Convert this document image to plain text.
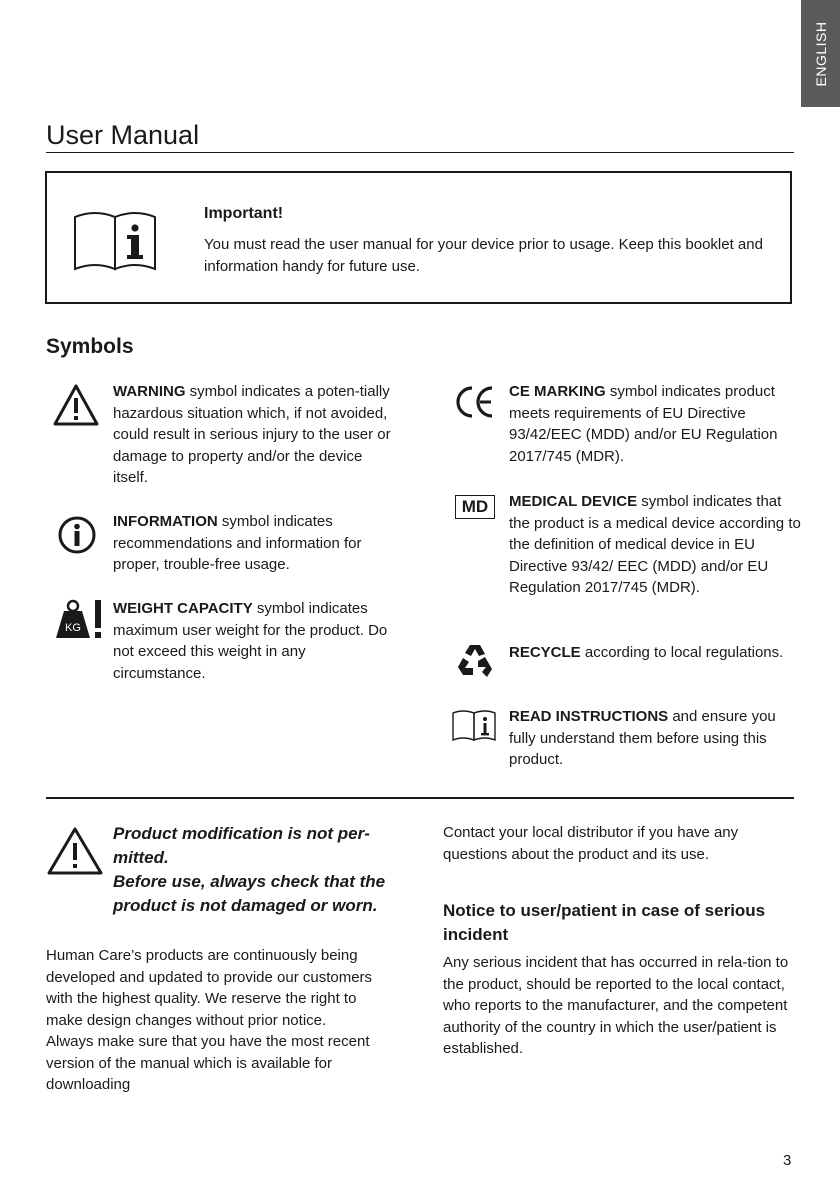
ENGLISH
User Manual
Important!
You must read the user manual for your device prior to usage. Keep this booklet and information handy for future use.
Symbols
WARNING symbol indicates a poten-tially hazardous situation which, if not avoided, could result in serious injury to the user or damage to property and/or the device itself.
INFORMATION symbol indicates recommendations and information for proper, trouble-free usage.
KG
WEIGHT CAPACITY symbol indicates maximum user weight for the product. Do not exceed this weight in any circumstance.
CE MARKING symbol indicates product meets requirements of EU Directive 93/42/EEC (MDD) and/or EU Regulation 2017/745 (MDR).
MD	MEDICAL DEVICE symbol indicates that the product is a medical device according to the definition of medical device in EU Directive 93/42/ EEC (MDD) and/or EU Regulation 2017/745 (MDR).
RECYCLE according to local regulations.
READ INSTRUCTIONS and ensure you fully understand them before using this product.
Product modification is not per-
mitted.
Before use, always check that the
product is not damaged or worn.
Human Care’s products are continuously being developed and updated to provide our customers with the highest quality. We reserve the right to make design changes without prior notice.
Always make sure that you have the most recent version of the manual which is available for downloading
Contact your local distributor if you have any questions about the product and its use.
Notice to user/patient in case of serious incident
Any serious incident that has occurred in rela-tion to the product, should be reported to the local contact, who reports to the manufacturer, and the competent authority of the country in which the user/patient is established.
3
